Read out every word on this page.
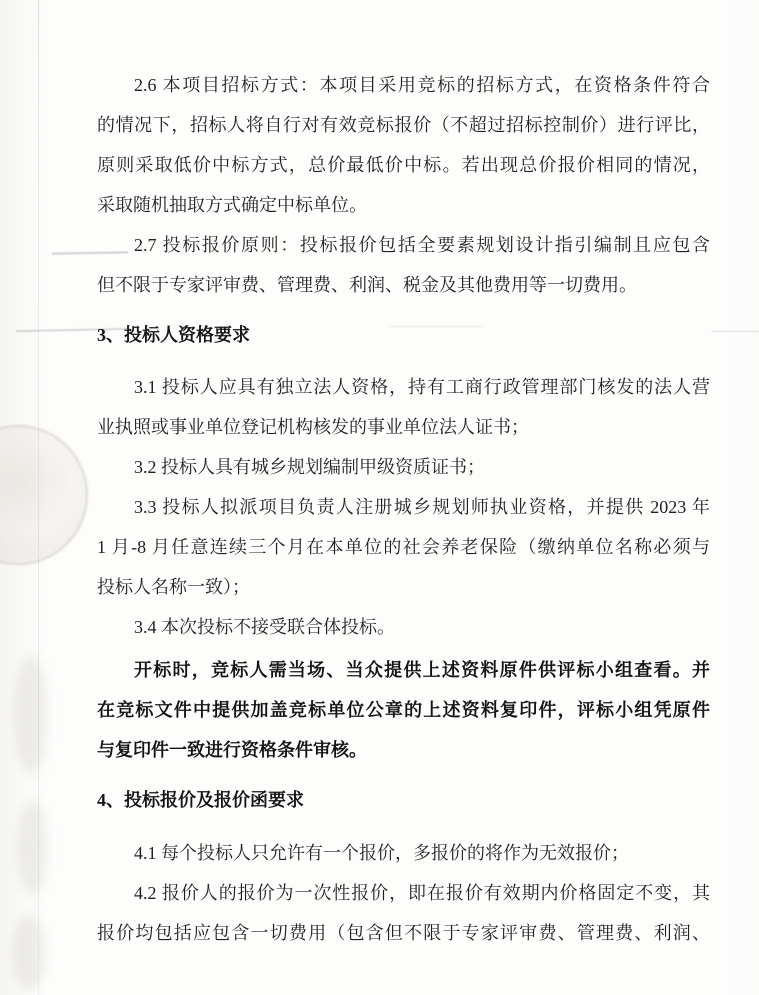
2.6 本项目招标方式：本项目采用竞标的招标方式，在资格条件符合
的情况下，招标人将自行对有效竞标报价（不超过招标控制价）进行评比，
原则采取低价中标方式，总价最低价中标。若出现总价报价相同的情况，
采取随机抽取方式确定中标单位。
2.7 投标报价原则：投标报价包括全要素规划设计指引编制且应包含
但不限于专家评审费、管理费、利润、税金及其他费用等一切费用。
3、投标人资格要求
3.1 投标人应具有独立法人资格，持有工商行政管理部门核发的法人营
业执照或事业单位登记机构核发的事业单位法人证书；
3.2 投标人具有城乡规划编制甲级资质证书；
3.3 投标人拟派项目负责人注册城乡规划师执业资格，并提供 2023 年
1 月-8 月任意连续三个月在本单位的社会养老保险（缴纳单位名称必须与
投标人名称一致）；
3.4 本次投标不接受联合体投标。
开标时，竞标人需当场、当众提供上述资料原件供评标小组查看。并
在竞标文件中提供加盖竞标单位公章的上述资料复印件，评标小组凭原件
与复印件一致进行资格条件审核。
4、投标报价及报价函要求
4.1 每个投标人只允许有一个报价，多报价的将作为无效报价；
4.2 报价人的报价为一次性报价，即在报价有效期内价格固定不变，其
报价均包括应包含一切费用（包含但不限于专家评审费、管理费、利润、
